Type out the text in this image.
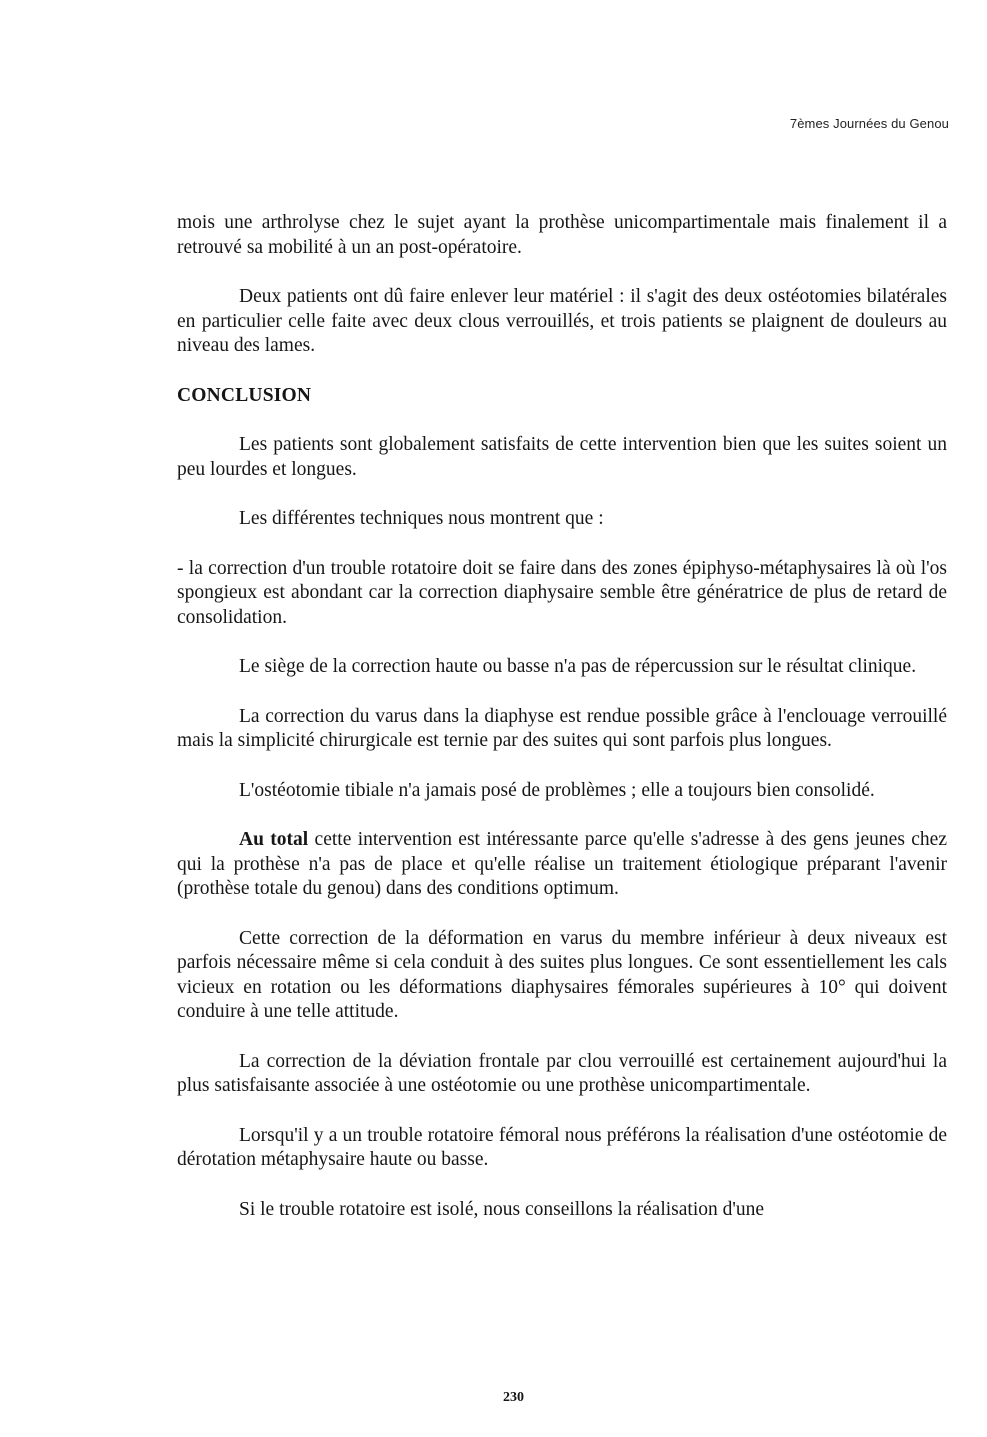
7èmes Journées du Genou

mois une arthrolyse chez le sujet ayant la prothèse unicompartimentale mais finalement il a retrouvé sa mobilité à un an post-opératoire.

Deux patients ont dû faire enlever leur matériel : il s'agit des deux ostéotomies bilatérales en particulier celle faite avec deux clous verrouillés, et trois patients se plaignent de douleurs au niveau des lames.

CONCLUSION

Les patients sont globalement satisfaits de cette intervention bien que les suites soient un peu lourdes et longues.

Les différentes techniques nous montrent que :

- la correction d'un trouble rotatoire doit se faire dans des zones épiphyso-métaphysaires là où l'os spongieux est abondant car la correction diaphysaire semble être génératrice de plus de retard de consolidation.

Le siège de la correction haute ou basse n'a pas de répercussion sur le résultat clinique.

La correction du varus dans la diaphyse est rendue possible grâce à l'enclouage verrouillé mais la simplicité chirurgicale est ternie par des suites qui sont parfois plus longues.

L'ostéotomie tibiale n'a jamais posé de problèmes ; elle a toujours bien consolidé.

Au total cette intervention est intéressante parce qu'elle s'adresse à des gens jeunes chez qui la prothèse n'a pas de place et qu'elle réalise un traitement étiologique préparant l'avenir (prothèse totale du genou) dans des conditions optimum.

Cette correction de la déformation en varus du membre inférieur à deux niveaux est parfois nécessaire même si cela conduit à des suites plus longues. Ce sont essentiellement les cals vicieux en rotation ou les déformations diaphysaires fémorales supérieures à 10° qui doivent conduire à une telle attitude.

La correction de la déviation frontale par clou verrouillé est certainement aujourd'hui la plus satisfaisante associée à une ostéotomie ou une prothèse unicompartimentale.

Lorsqu'il y a un trouble rotatoire fémoral nous préférons la réalisation d'une ostéotomie de dérotation métaphysaire haute ou basse.

Si le trouble rotatoire est isolé, nous conseillons la réalisation d'une

230
